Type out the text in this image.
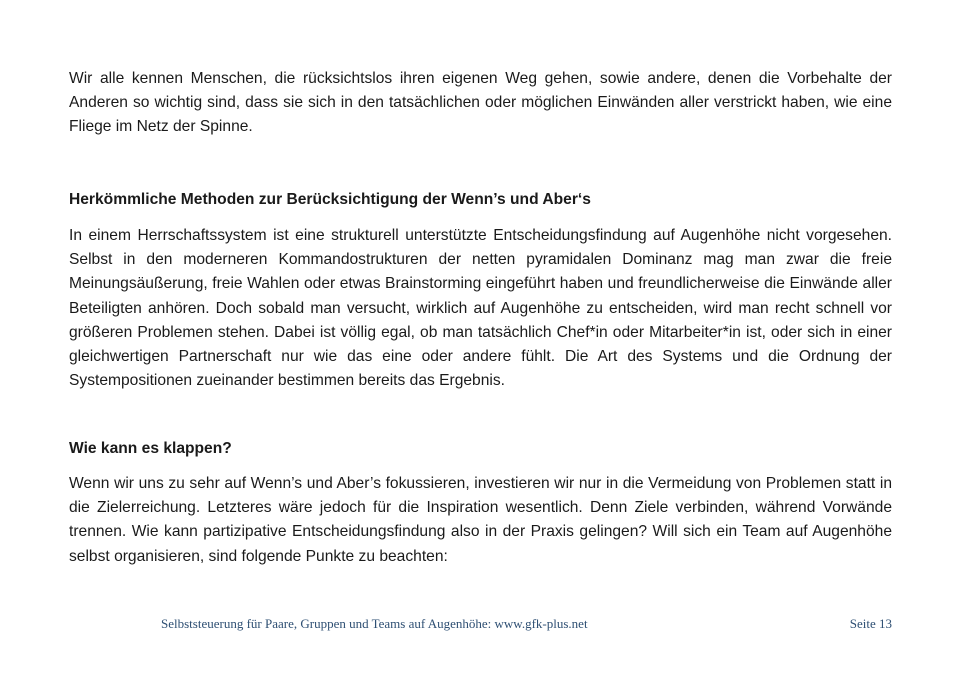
Wir alle kennen Menschen, die rücksichtslos ihren eigenen Weg gehen, sowie andere, denen die Vorbehalte der Anderen so wichtig sind, dass sie sich in den tatsächlichen oder möglichen Einwänden aller verstrickt haben, wie eine Fliege im Netz der Spinne.

Herkömmliche Methoden zur Berücksichtigung der Wenn’s und Aber‘s

In einem Herrschaftssystem ist eine strukturell unterstützte Entscheidungsfindung auf Augenhöhe nicht vorgesehen. Selbst in den moderneren Kommandostrukturen der netten pyramidalen Dominanz mag man zwar die freie Meinungsäußerung, freie Wahlen oder etwas Brainstorming eingeführt haben und freundlicherweise die Einwände aller Beteiligten anhören. Doch sobald man versucht, wirklich auf Augenhöhe zu entscheiden, wird man recht schnell vor größeren Problemen stehen. Dabei ist völlig egal, ob man tatsächlich Chef*in oder Mitarbeiter*in ist, oder sich in einer gleichwertigen Partnerschaft nur wie das eine oder andere fühlt. Die Art des Systems und die Ordnung der Systempositionen zueinander bestimmen bereits das Ergebnis.

Wie kann es klappen?

Wenn wir uns zu sehr auf Wenn’s und Aber’s fokussieren, investieren wir nur in die Vermeidung von Problemen statt in die Zielerreichung. Letzteres wäre jedoch für die Inspiration wesentlich. Denn Ziele verbinden, während Vorwände trennen. Wie kann partizipative Entscheidungsfindung also in der Praxis gelingen? Will sich ein Team auf Augenhöhe selbst organisieren, sind folgende Punkte zu beachten:

Selbststeuerung für Paare, Gruppen und Teams auf Augenhöhe: www.gfk-plus.net	Seite 13
